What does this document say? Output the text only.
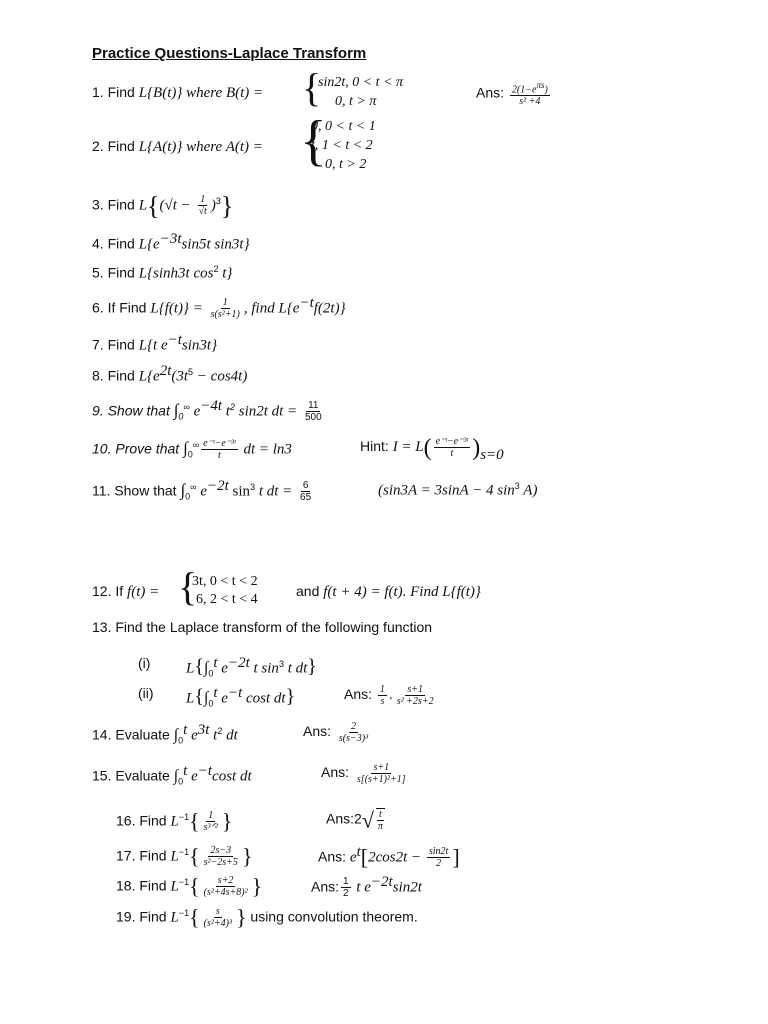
Practice Questions-Laplace Transform
1. Find L{B(t)} where B(t) = {
sin2t, 0 < t < π
0, t > π
Ans: $\frac{2(1-e^{\pi s})}{\text{s² +4}}$
2. Find L{A(t)} where A(t) = {
0, 0 < t < 1
t, 1 < t < 2
0, t > 2
3. Find $L\{(√t - \frac{1}{√t} )^3\}$
4. Find $L\{e^{-3t}\sin 5t$ sin3t}
5. Find L{sinh3t $\cos^2 t$}
6. If Find $L\{f(t)\} = \frac{1}{\text{s(s²+1)}}$ , find $L\{e^{-t}f(2t)\}$
7. Find L{t $e^{-t}\sin 3t$}
8. Find $L\{e^{2t}(3t^5 - \cos 4t)$
9. Show that $\int_0^\infty$ $e^{-4t}$ $t^2$ sin2t dt = $\frac{11}{500}$
10. Prove that $\int_0^\infty \frac{\text{e⁻ᵗ−e⁻³ᵗ}}{t}$ dt = ln3	Hint: $I = L( \frac{\text{e⁻ᵗ−e⁻³ᵗ}}{t} )_{s=0}$
11. Show that $\int_0^\infty$ $e^{-2t}$ $\sin^3 t$ dt = $\frac{6}{65}$	(sin3A = 3sinA − 4 $\sin^3 A$)
12. If f(t) = {
3t, 0 < t < 2
6, 2 < t < 4
and f(t + 4) = f(t). Find L{f(t)}
13. Find the Laplace transform of the following function
(i) $L\{\int_0^t$ $e^{-2t}$ t $\sin^3 t$ dt}
(ii) $L\{\int_0^t$ $e^{-t}$ cost dt}	Ans: $\frac{1}{s}$ . $\frac{s+1}{\text{s² +2s+2}}$
14. Evaluate $\int_0^t$ $e^{3t}$ $t^2$ dt	Ans: $\frac{2}{\text{s(s−3)³}}$
15. Evaluate $\int_0^t$ $e^{-t}\cos t$ dt	Ans: $\frac{s+1}{\text{s[(s+1)²+1]}}$
16. Find $L^{-1}\{ \frac{1}{\text{s³ᐟ²}}$ }	Ans:2√ $\frac{t}{\pi}$
17. Find $L^{-1}\{ \frac{2s-3}{\text{s²−2s+5}}$ }	Ans: $e^t[2\cos 2t - \frac{\sin 2t}{2}$ ]
18. Find $L^{-1}\{ \frac{s+2}{\text{(s²+4s+8)²}}$ }	Ans: $\frac{1}{2}$ t $e^{-2t}\sin 2t$
19. Find $L^{-1}\{ \frac{s}{\text{(s²+4)³}}$ } using convolution theorem.
